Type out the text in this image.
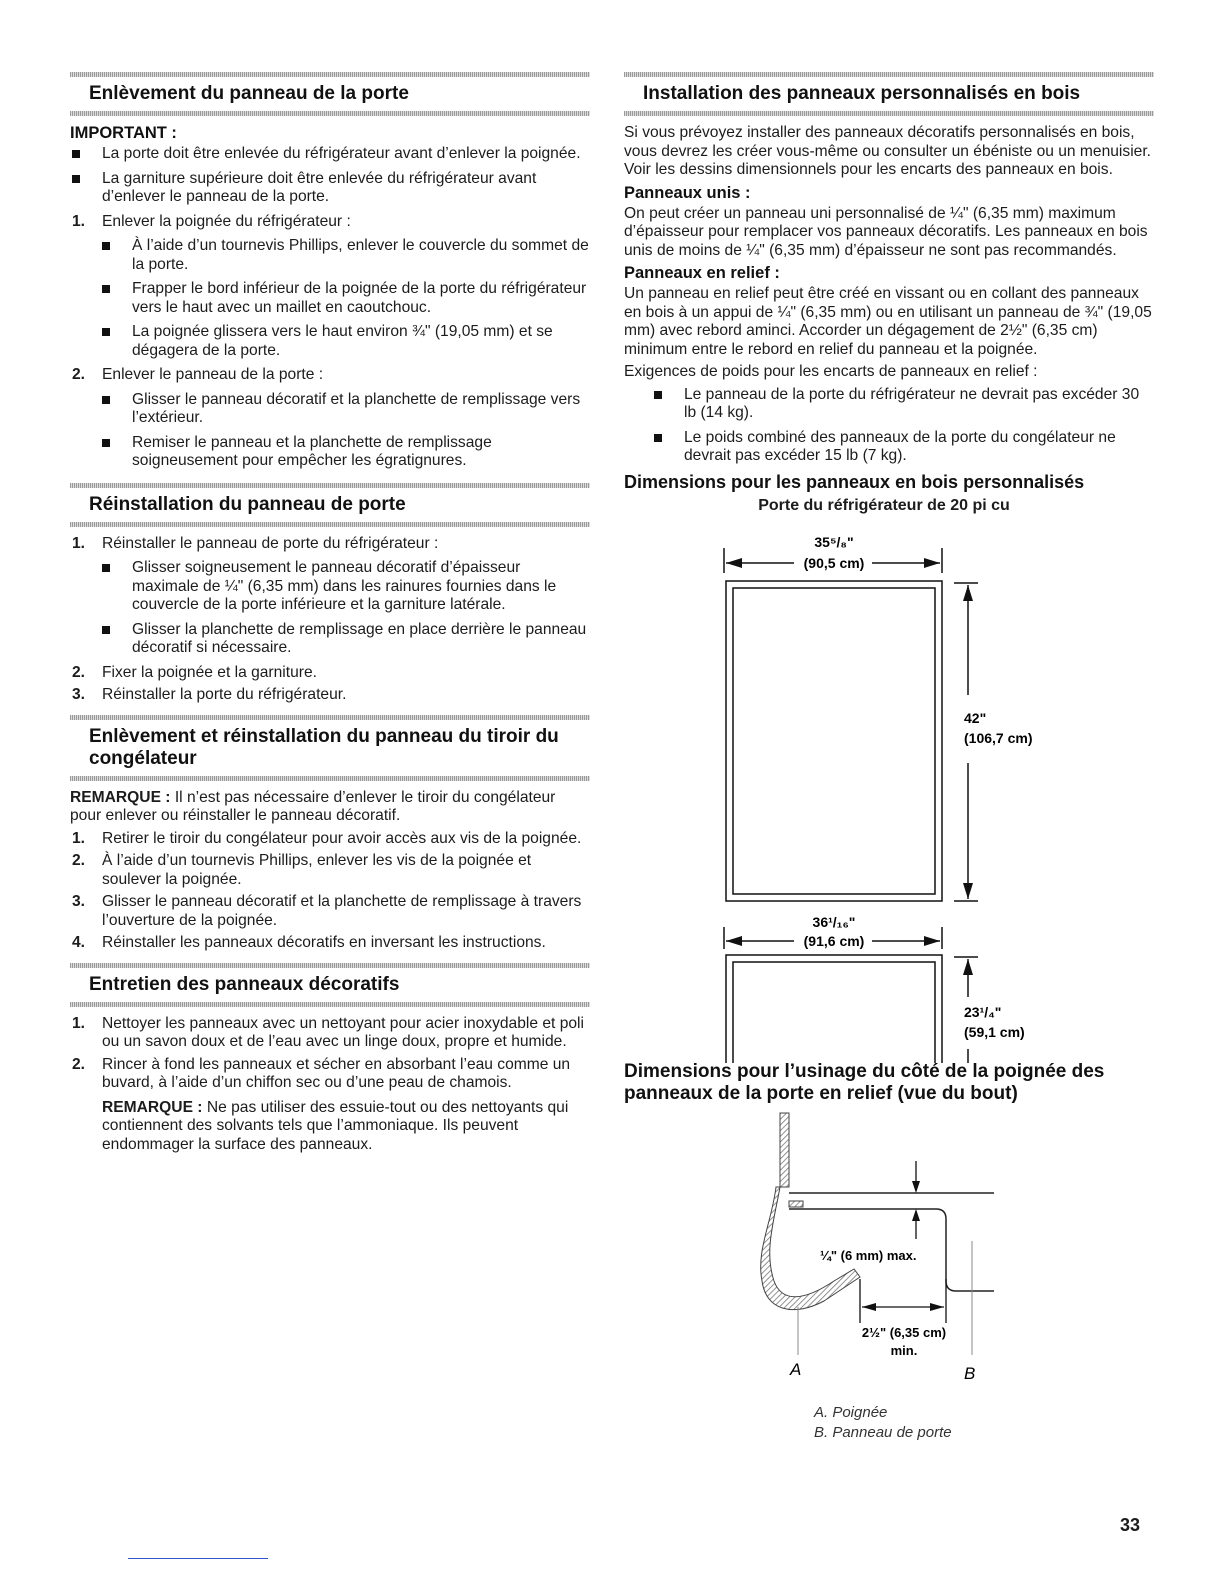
Enlèvement du panneau de la porte
IMPORTANT :
La porte doit être enlevée du réfrigérateur avant d’enlever la poignée.
La garniture supérieure doit être enlevée du réfrigérateur avant d’enlever le panneau de la porte.
1. Enlever la poignée du réfrigérateur :
À l’aide d’un tournevis Phillips, enlever le couvercle du sommet de la porte.
Frapper le bord inférieur de la poignée de la porte du réfrigérateur vers le haut avec un maillet en caoutchouc.
La poignée glissera vers le haut environ ¾" (19,05 mm) et se dégagera de la porte.
2. Enlever le panneau de la porte :
Glisser le panneau décoratif et la planchette de remplissage vers l’extérieur.
Remiser le panneau et la planchette de remplissage soigneusement pour empêcher les égratignures.
Réinstallation du panneau de porte
1. Réinstaller le panneau de porte du réfrigérateur :
Glisser soigneusement le panneau décoratif d’épaisseur maximale de ¼" (6,35 mm) dans les rainures fournies dans le couvercle de la porte inférieure et la garniture latérale.
Glisser la planchette de remplissage en place derrière le panneau décoratif si nécessaire.
2. Fixer la poignée et la garniture.
3. Réinstaller la porte du réfrigérateur.
Enlèvement et réinstallation du panneau du tiroir du congélateur

REMARQUE : Il n’est pas nécessaire d’enlever le tiroir du congélateur pour enlever ou réinstaller le panneau décoratif.

1. Retirer le tiroir du congélateur pour avoir accès aux vis de la poignée.
2. À l’aide d’un tournevis Phillips, enlever les vis de la poignée et soulever la poignée.
3. Glisser le panneau décoratif et la planchette de remplissage à travers l’ouverture de la poignée.
4. Réinstaller les panneaux décoratifs en inversant les instructions.
Entretien des panneaux décoratifs
1. Nettoyer les panneaux avec un nettoyant pour acier inoxydable et poli ou un savon doux et de l’eau avec un linge doux, propre et humide.
2. Rincer à fond les panneaux et sécher en absorbant l’eau comme un buvard, à l’aide d’un chiffon sec ou d’une peau de chamois.

REMARQUE : Ne pas utiliser des essuie-tout ou des nettoyants qui contiennent des solvants tels que l’ammoniaque. Ils peuvent endommager la surface des panneaux.

Installation des panneaux personnalisés en bois

Si vous prévoyez installer des panneaux décoratifs personnalisés en bois, vous devrez les créer vous-même ou consulter un ébéniste ou un menuisier. Voir les dessins dimensionnels pour les encarts des panneaux en bois.

Panneaux unis :

On peut créer un panneau uni personnalisé de ¼" (6,35 mm) maximum d’épaisseur pour remplacer vos panneaux décoratifs. Les panneaux en bois unis de moins de ¼" (6,35 mm) d’épaisseur ne sont pas recommandés.

Panneaux en relief :

Un panneau en relief peut être créé en vissant ou en collant des panneaux en bois à un appui de ¼" (6,35 mm) ou en utilisant un panneau de ¾" (19,05 mm) avec rebord aminci. Accorder un dégagement de 2½" (6,35 cm) minimum entre le rebord en relief du panneau et la poignée.

Exigences de poids pour les encarts de panneaux en relief :

Le panneau de la porte du réfrigérateur ne devrait pas excéder 30 lb (14 kg).
Le poids combiné des panneaux de la porte du congélateur ne devrait pas excéder 15 lb (7 kg).
Dimensions pour les panneaux en bois personnalisés
Porte du réfrigérateur de 20 pi cu
35⁵/₈"
(90,5 cm)
42"
(106,7 cm)
36¹/₁₆"
(91,6 cm)
23¹/₄"
(59,1 cm)
Dimensions pour l’usinage du côté de la poignée des panneaux de la porte en relief (vue du bout)
¼" (6 mm) max.
2½" (6,35 cm)
min.
A	B
A. Poignée
B. Panneau de porte
33
